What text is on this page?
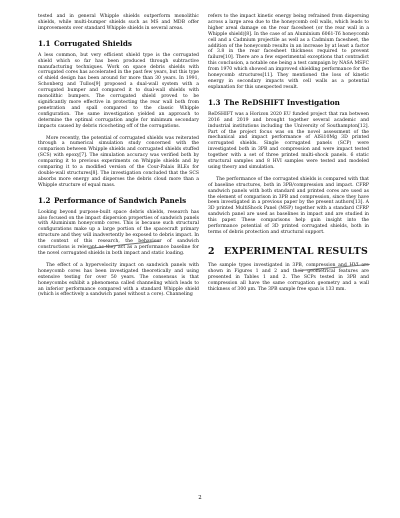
tested and in general Whipple shields outperform monolithic shields, while multi-bumper shields such as MS and MDB offer improvements over standard Whipple shields in several areas.

1.1 Corrugated Shields

A less common, but very efficient shield type is the corrugated shield which so far has been produced through subtractive manufacturing techniques. Work on space debris shields with corrugated cores has accelerated in the past few years, but this type of shield design has been around for more than 30 years. In 1991, Schonberg and Tullos[9] proposed a dual-wall system with a corrugated bumper and compared it to dual-wall shields with monolithic bumpers. The corrugated shield proved to be significantly more effective in protecting the rear wall both from penetration and spall compared to the classic Whipple configuration. The same investigation yielded an approach to determine the optimal corrugation angle for minimum secondary impacts caused by debris ricocheting off of the corrugations.

More recently, the potential of corrugated shields was reiterated through a numerical simulation study concerned with the comparison between Whipple shields and corrugated shields stuffed (SCS) with epoxy[7]. The simulation accuracy was verified both by comparing it to previous experiments on Whipple shields and by comparing it to a modified version of the Cour-Palais BLEs for double-wall structures[8]. The investigation concluded that the SCS absorbs more energy and disperses the debris cloud more than a Whipple structure of equal mass.

1.2 Performance of Sandwich Panels

Looking beyond purpose-built space debris shields, research has also focused on the impact dispersion properties of sandwich panels with Aluminium honeycomb cores. This is because such structural configurations make up a large portion of the spacecraft primary structure and they will inadvertently be exposed to debris impact. In the context of this research, the behaviour of sandwich constructions is relevant as they act as a performance baseline for the novel corrugated shields in both impact and static loading.

The effect of a hypervelocity impact on sandwich panels with honeycomb cores has been investigated theoretically and using extensive testing for over 50 years. The consensus is that honeycombs exhibit a phenomena called channeling which leads to an inferior performance compared with a standard Whipple shield (which is effectively a sandwich panel without a core). Channeling

refers to the impact kinetic energy being refrained from dispersing across a large area due to the honeycomb cell walls, which leads to higher areal damage on the rear facesheet (or the rear wall in a Whipple shield)[8]. In the case of an Aluminium 6061-T6 honeycomb cell and a Cadmium projectile as well as a Cadmium facesheet, the addition of the honeycomb results in an increase by at least a factor of 3.8 in the rear facesheet thickness required to prevent failure[10]. There are a few experimental exceptions that contradict this conclusion, a notable one being a test campaign by NASA MSFC from 1970 which showed an improved shielding performance for the honeycomb structures[11]. They mentioned the loss of kinetic energy in secondary impacts with cell walls as a potential explanation for this unexpected result.

1.3 The ReDSHIFT Investigation

ReDSHIFT was a Horizon 2020 EU funded project that ran between 2016 and 2019 and brought together several academic and industrial institutions including the University of Southampton[12]. Part of the project focus was on the novel assessment of the mechanical and impact performance of AlSi10Mg 3D printed corrugated shields. Single corrugated panels (SCP) were investigated both in 3PB and compression and were impact tested together with a set of three printed multi-shock panels. 6 static structural samples and 8 HVI samples were tested and modeled using theory and simulation.

The performance of the corrugated shields is compared with that of baseline structures, both in 3PB/compression and impact. CFRP sandwich panels with both standard and printed cores are used as the element of comparison in 3PB and compression, since they have been investigated in a previous paper by the present authors[13]. A 3D printed MultiShock Panel (MSP) together with a standard CFRP sandwich panel are used as baselines in impact and are studied in this paper. These comparisons help gain insight into the performance potential of 3D printed corrugated shields, both in terms of debris protection and structural support.

2 EXPERIMENTAL RESULTS

The sample types investigated in 3PB, compression and HVI are shown in Figures 1 and 2 and their geometrical features are presented in Tables 1 and 2. The SCPs tested in 3PB and compression all have the same corrugation geometry and a wall thickness of 300 μm. The 3PB sample free span is 133 mm.

2
